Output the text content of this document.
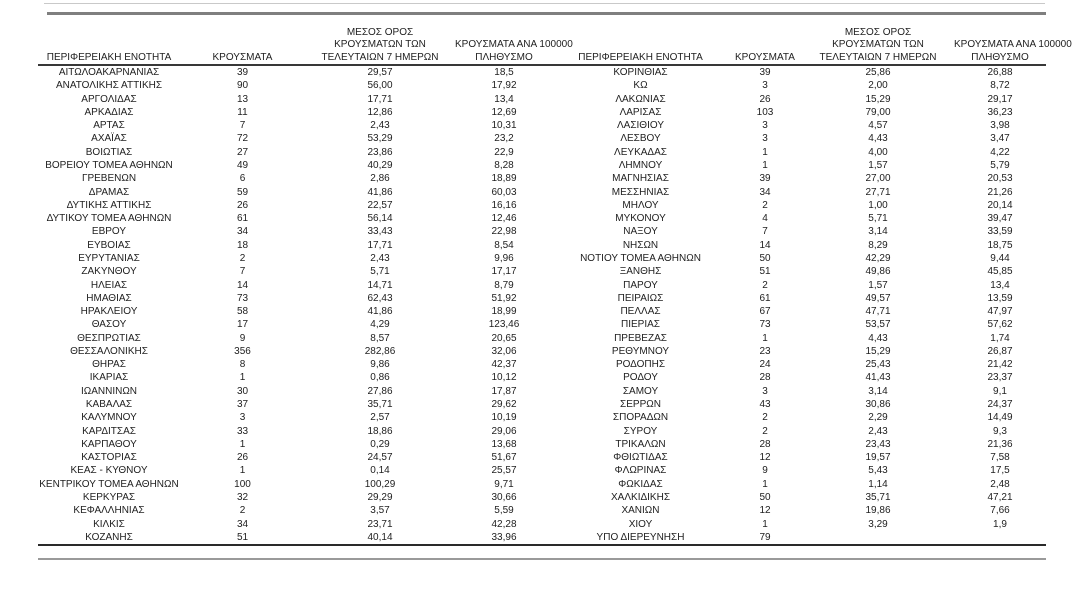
ΠΕΡΙΦΕΡΕΙΑΚΗ ΕΝΟΤΗΤΑ	ΚΡΟΥΣΜΑΤΑ	ΜΕΣΟΣ ΟΡΟΣ
ΚΡΟΥΣΜΑΤΩΝ ΤΩΝ
ΤΕΛΕΥΤΑΙΩΝ 7 ΗΜΕΡΩΝ	ΚΡΟΥΣΜΑΤΑ ΑΝΑ 100000
ΠΛΗΘΥΣΜΟ	ΠΕΡΙΦΕΡΕΙΑΚΗ ΕΝΟΤΗΤΑ	ΚΡΟΥΣΜΑΤΑ	ΜΕΣΟΣ ΟΡΟΣ
ΚΡΟΥΣΜΑΤΩΝ ΤΩΝ
ΤΕΛΕΥΤΑΙΩΝ 7 ΗΜΕΡΩΝ	ΚΡΟΥΣΜΑΤΑ ΑΝΑ 100000
ΠΛΗΘΥΣΜΟ

ΑΙΤΩΛΟΑΚΑΡΝΑΝΙΑΣ	39	29,57	18,5	ΚΟΡΙΝΘΙΑΣ	39	25,86	26,88
ΑΝΑΤΟΛΙΚΗΣ ΑΤΤΙΚΗΣ	90	56,00	17,92	ΚΩ	3	2,00	8,72
ΑΡΓΟΛΙΔΑΣ	13	17,71	13,4	ΛΑΚΩΝΙΑΣ	26	15,29	29,17
ΑΡΚΑΔΙΑΣ	11	12,86	12,69	ΛΑΡΙΣΑΣ	103	79,00	36,23
ΑΡΤΑΣ	7	2,43	10,31	ΛΑΣΙΘΙΟΥ	3	4,57	3,98
ΑΧΑΪΑΣ	72	53,29	23,2	ΛΕΣΒΟΥ	3	4,43	3,47
ΒΟΙΩΤΙΑΣ	27	23,86	22,9	ΛΕΥΚΑΔΑΣ	1	4,00	4,22
ΒΟΡΕΙΟΥ ΤΟΜΕΑ ΑΘΗΝΩΝ	49	40,29	8,28	ΛΗΜΝΟΥ	1	1,57	5,79
ΓΡΕΒΕΝΩΝ	6	2,86	18,89	ΜΑΓΝΗΣΙΑΣ	39	27,00	20,53
ΔΡΑΜΑΣ	59	41,86	60,03	ΜΕΣΣΗΝΙΑΣ	34	27,71	21,26
ΔΥΤΙΚΗΣ ΑΤΤΙΚΗΣ	26	22,57	16,16	ΜΗΛΟΥ	2	1,00	20,14
ΔΥΤΙΚΟΥ ΤΟΜΕΑ ΑΘΗΝΩΝ	61	56,14	12,46	ΜΥΚΟΝΟΥ	4	5,71	39,47
ΕΒΡΟΥ	34	33,43	22,98	ΝΑΞΟΥ	7	3,14	33,59
ΕΥΒΟΙΑΣ	18	17,71	8,54	ΝΗΣΩΝ	14	8,29	18,75
ΕΥΡΥΤΑΝΙΑΣ	2	2,43	9,96	ΝΟΤΙΟΥ ΤΟΜΕΑ ΑΘΗΝΩΝ	50	42,29	9,44
ΖΑΚΥΝΘΟΥ	7	5,71	17,17	ΞΑΝΘΗΣ	51	49,86	45,85
ΗΛΕΙΑΣ	14	14,71	8,79	ΠΑΡΟΥ	2	1,57	13,4
ΗΜΑΘΙΑΣ	73	62,43	51,92	ΠΕΙΡΑΙΩΣ	61	49,57	13,59
ΗΡΑΚΛΕΙΟΥ	58	41,86	18,99	ΠΕΛΛΑΣ	67	47,71	47,97
ΘΑΣΟΥ	17	4,29	123,46	ΠΙΕΡΙΑΣ	73	53,57	57,62
ΘΕΣΠΡΩΤΙΑΣ	9	8,57	20,65	ΠΡΕΒΕΖΑΣ	1	4,43	1,74
ΘΕΣΣΑΛΟΝΙΚΗΣ	356	282,86	32,06	ΡΕΘΥΜΝΟΥ	23	15,29	26,87
ΘΗΡΑΣ	8	9,86	42,37	ΡΟΔΟΠΗΣ	24	25,43	21,42
ΙΚΑΡΙΑΣ	1	0,86	10,12	ΡΟΔΟΥ	28	41,43	23,37
ΙΩΑΝΝΙΝΩΝ	30	27,86	17,87	ΣΑΜΟΥ	3	3,14	9,1
ΚΑΒΑΛΑΣ	37	35,71	29,62	ΣΕΡΡΩΝ	43	30,86	24,37
ΚΑΛΥΜΝΟΥ	3	2,57	10,19	ΣΠΟΡΑΔΩΝ	2	2,29	14,49
ΚΑΡΔΙΤΣΑΣ	33	18,86	29,06	ΣΥΡΟΥ	2	2,43	9,3
ΚΑΡΠΑΘΟΥ	1	0,29	13,68	ΤΡΙΚΑΛΩΝ	28	23,43	21,36
ΚΑΣΤΟΡΙΑΣ	26	24,57	51,67	ΦΘΙΩΤΙΔΑΣ	12	19,57	7,58
ΚΕΑΣ - ΚΥΘΝΟΥ	1	0,14	25,57	ΦΛΩΡΙΝΑΣ	9	5,43	17,5
ΚΕΝΤΡΙΚΟΥ ΤΟΜΕΑ ΑΘΗΝΩΝ	100	100,29	9,71	ΦΩΚΙΔΑΣ	1	1,14	2,48
ΚΕΡΚΥΡΑΣ	32	29,29	30,66	ΧΑΛΚΙΔΙΚΗΣ	50	35,71	47,21
ΚΕΦΑΛΛΗΝΙΑΣ	2	3,57	5,59	ΧΑΝΙΩΝ	12	19,86	7,66
ΚΙΛΚΙΣ	34	23,71	42,28	ΧΙΟΥ	1	3,29	1,9
ΚΟΖΑΝΗΣ	51	40,14	33,96	ΥΠΟ ΔΙΕΡΕΥΝΗΣΗ	79		
